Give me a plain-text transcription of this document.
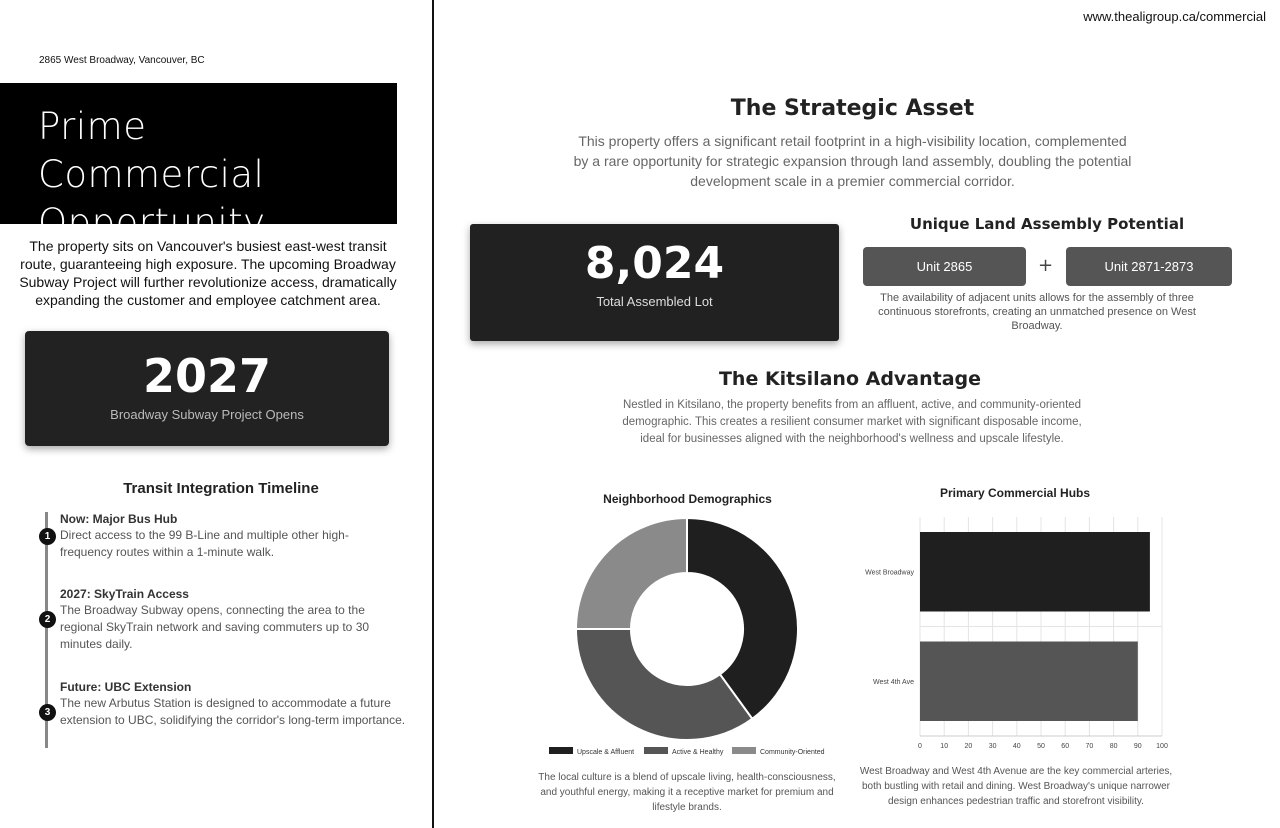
www.thealigroup.ca/commercial
2865 West Broadway, Vancouver, BC
Prime Commercial
Opportunity
The property sits on Vancouver's busiest east-west transit route, guaranteeing high exposure. The upcoming Broadway Subway Project will further revolutionize access, dramatically expanding the customer and employee catchment area.
2027
Broadway Subway Project Opens
Transit Integration Timeline
1
Now: Major Bus Hub
Direct access to the 99 B-Line and multiple other high-frequency routes within a 1-minute walk.
2
2027: SkyTrain Access
The Broadway Subway opens, connecting the area to the regional SkyTrain network and saving commuters up to 30 minutes daily.
3
Future: UBC Extension
The new Arbutus Station is designed to accommodate a future extension to UBC, solidifying the corridor's long-term importance.
The Strategic Asset
This property offers a significant retail footprint in a high-visibility location, complemented by a rare opportunity for strategic expansion through land assembly, doubling the potential development scale in a premier commercial corridor.
8,024
Total Assembled Lot
Unique Land Assembly Potential
Unit 2865	+	Unit 2871-2873
The availability of adjacent units allows for the assembly of three continuous storefronts, creating an unmatched presence on West Broadway.
The Kitsilano Advantage
Nestled in Kitsilano, the property benefits from an affluent, active, and community-oriented demographic. This creates a resilient consumer market with significant disposable income, ideal for businesses aligned with the neighborhood's wellness and upscale lifestyle.
Neighborhood Demographics
Upscale & Affluent	Active & Healthy	Community-Oriented
The local culture is a blend of upscale living, health-consciousness, and youthful energy, making it a receptive market for premium and lifestyle brands.
Primary Commercial Hubs
0	10 20 30 40 50 60 70 80 90 100
West Broadway
West 4th Ave
West Broadway and West 4th Avenue are the key commercial arteries, both bustling with retail and dining. West Broadway's unique narrower design enhances pedestrian traffic and storefront visibility.
